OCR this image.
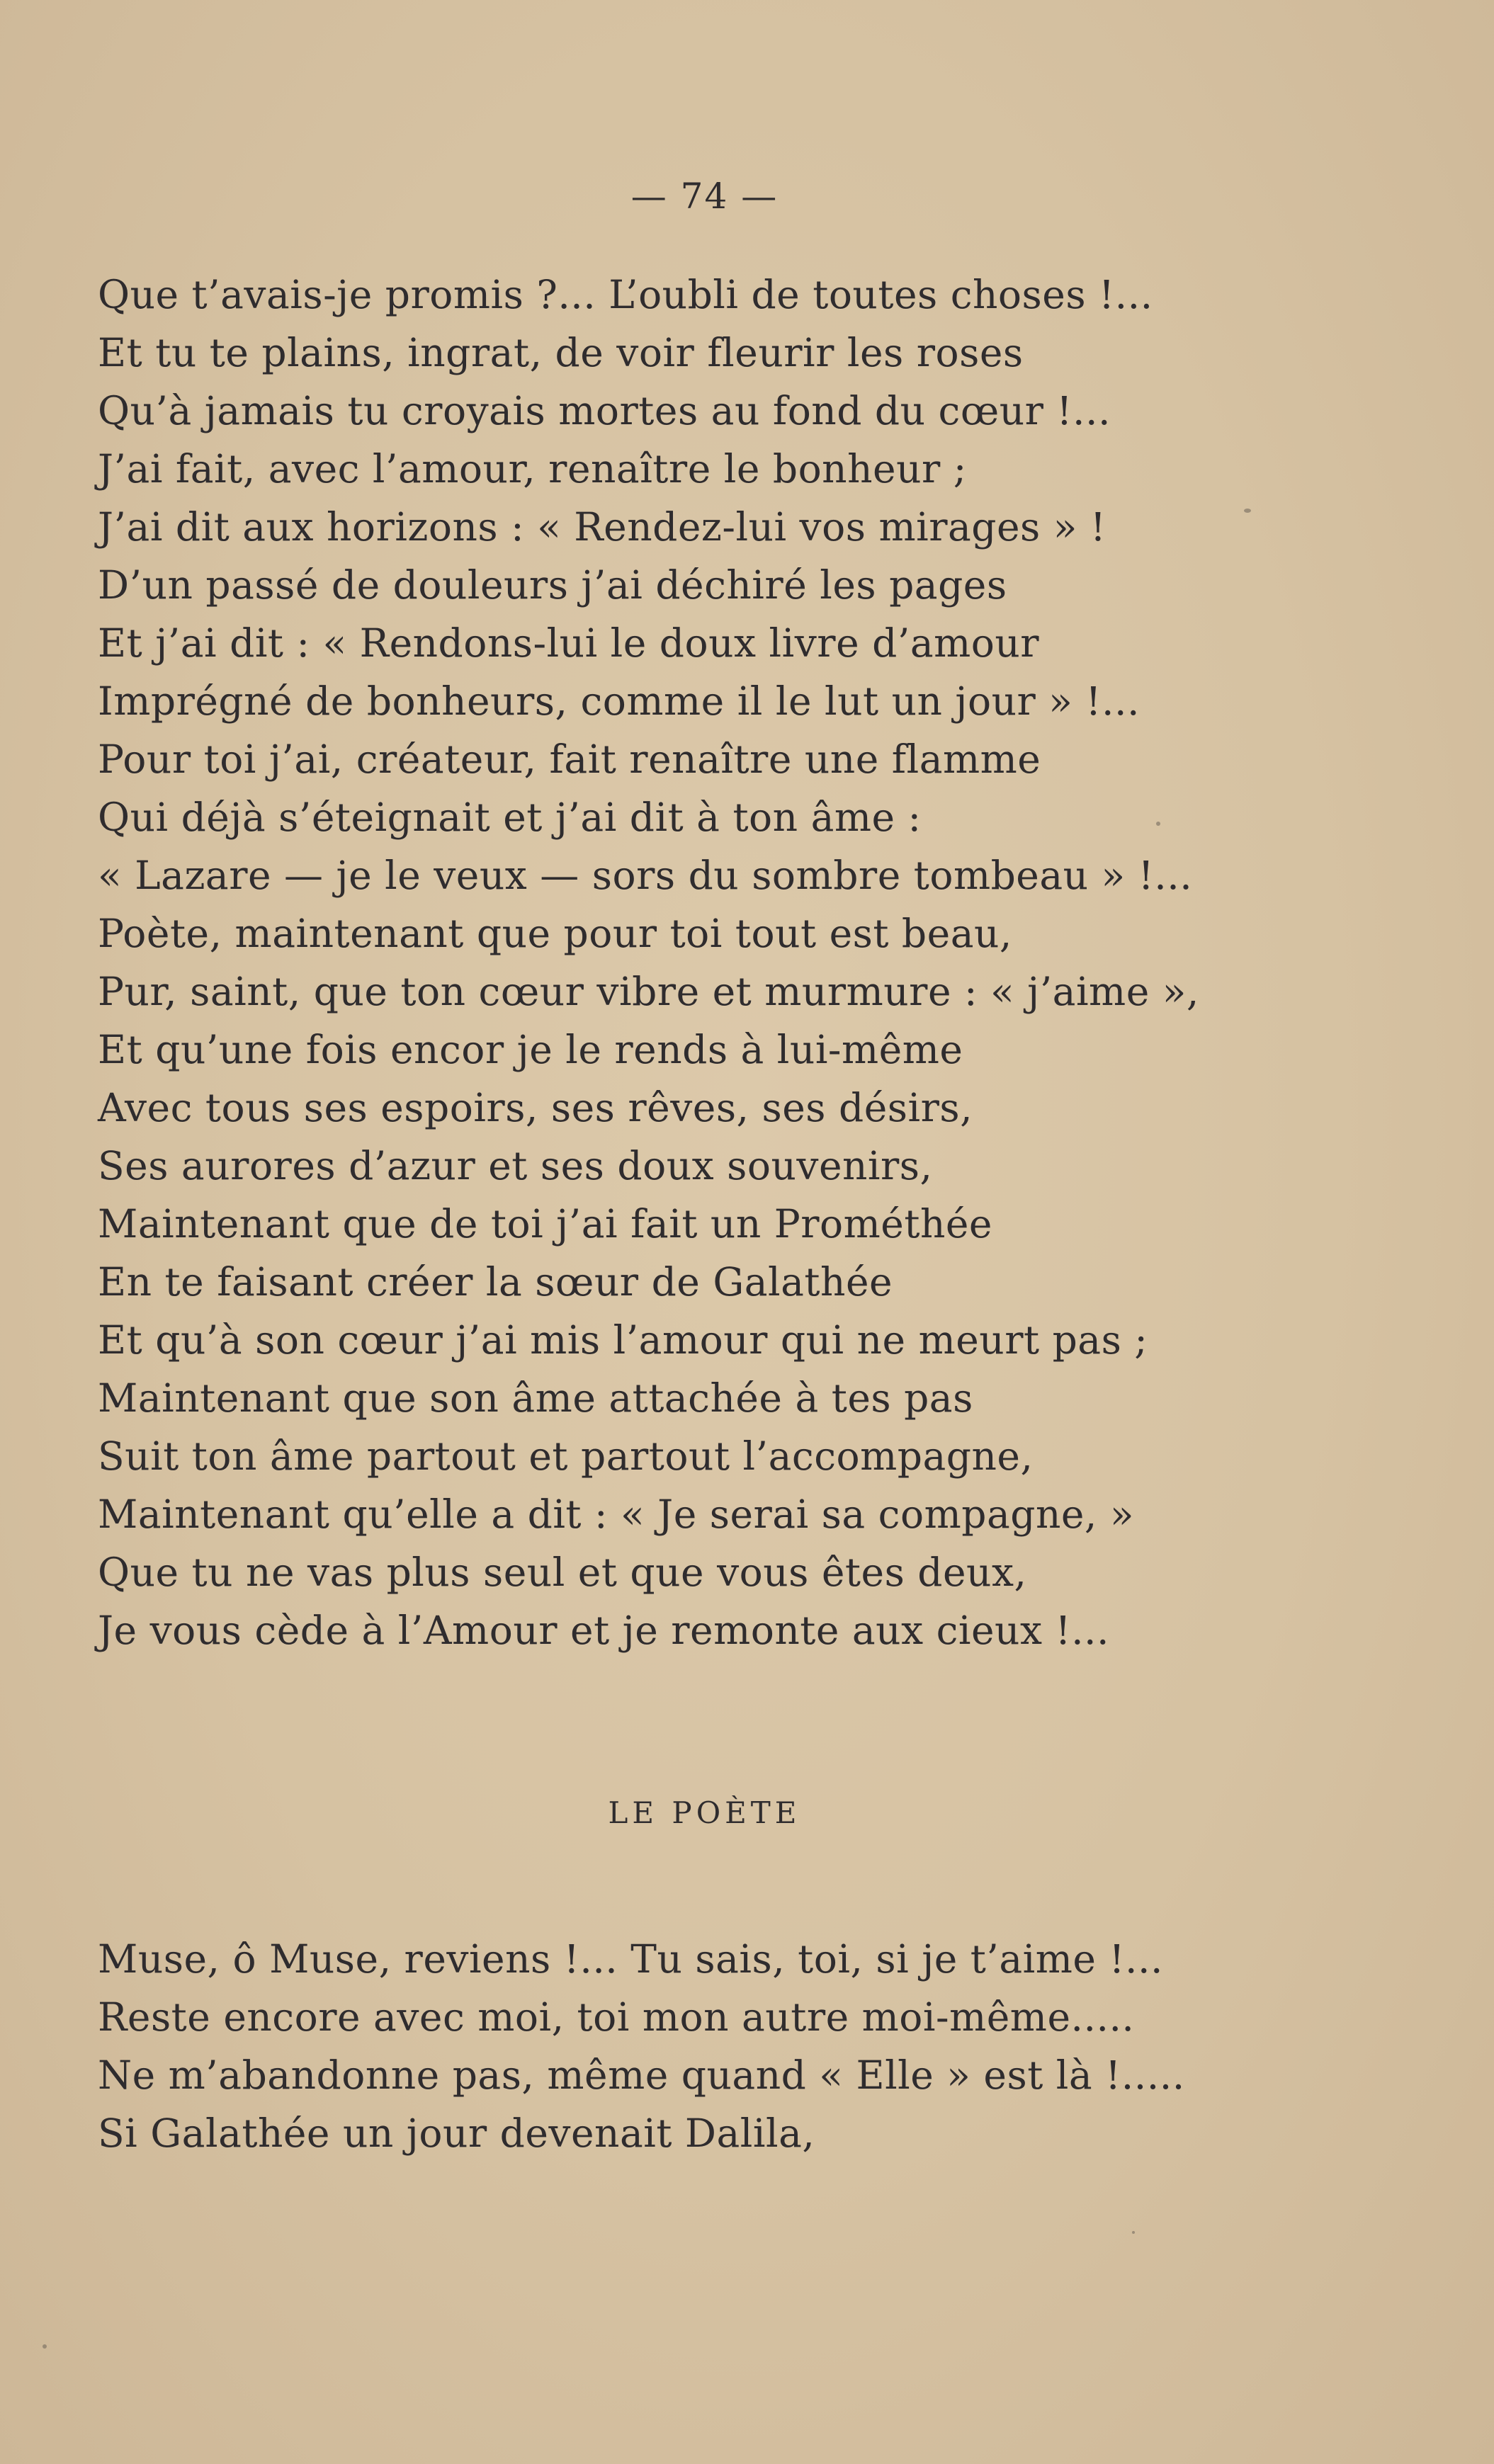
— 74 —
Que t’avais-je promis ?... L’oubli de toutes choses !...
Et tu te plains, ingrat, de voir fleurir les roses
Qu’à jamais tu croyais mortes au fond du cœur !...
J’ai fait, avec l’amour, renaître le bonheur ;
J’ai dit aux horizons : « Rendez-lui vos mirages » !
D’un passé de douleurs j’ai déchiré les pages
Et j’ai dit : « Rendons-lui le doux livre d’amour
Imprégné de bonheurs, comme il le lut un jour » !...
Pour toi j’ai, créateur, fait renaître une flamme
Qui déjà s’éteignait et j’ai dit à ton âme :
« Lazare — je le veux — sors du sombre tombeau » !...
Poète, maintenant que pour toi tout est beau,
Pur, saint, que ton cœur vibre et murmure : « j’aime »,
Et qu’une fois encor je le rends à lui-même
Avec tous ses espoirs, ses rêves, ses désirs,
Ses aurores d’azur et ses doux souvenirs,
Maintenant que de toi j’ai fait un Prométhée
En te faisant créer la sœur de Galathée
Et qu’à son cœur j’ai mis l’amour qui ne meurt pas ;
Maintenant que son âme attachée à tes pas
Suit ton âme partout et partout l’accompagne,
Maintenant qu’elle a dit : « Je serai sa compagne, »
Que tu ne vas plus seul et que vous êtes deux,
Je vous cède à l’Amour et je remonte aux cieux !...
LE POÈTE
Muse, ô Muse, reviens !... Tu sais, toi, si je t’aime !...
Reste encore avec moi, toi mon autre moi-même.....
Ne m’abandonne pas, même quand « Elle » est là !.....
Si Galathée un jour devenait Dalila,
